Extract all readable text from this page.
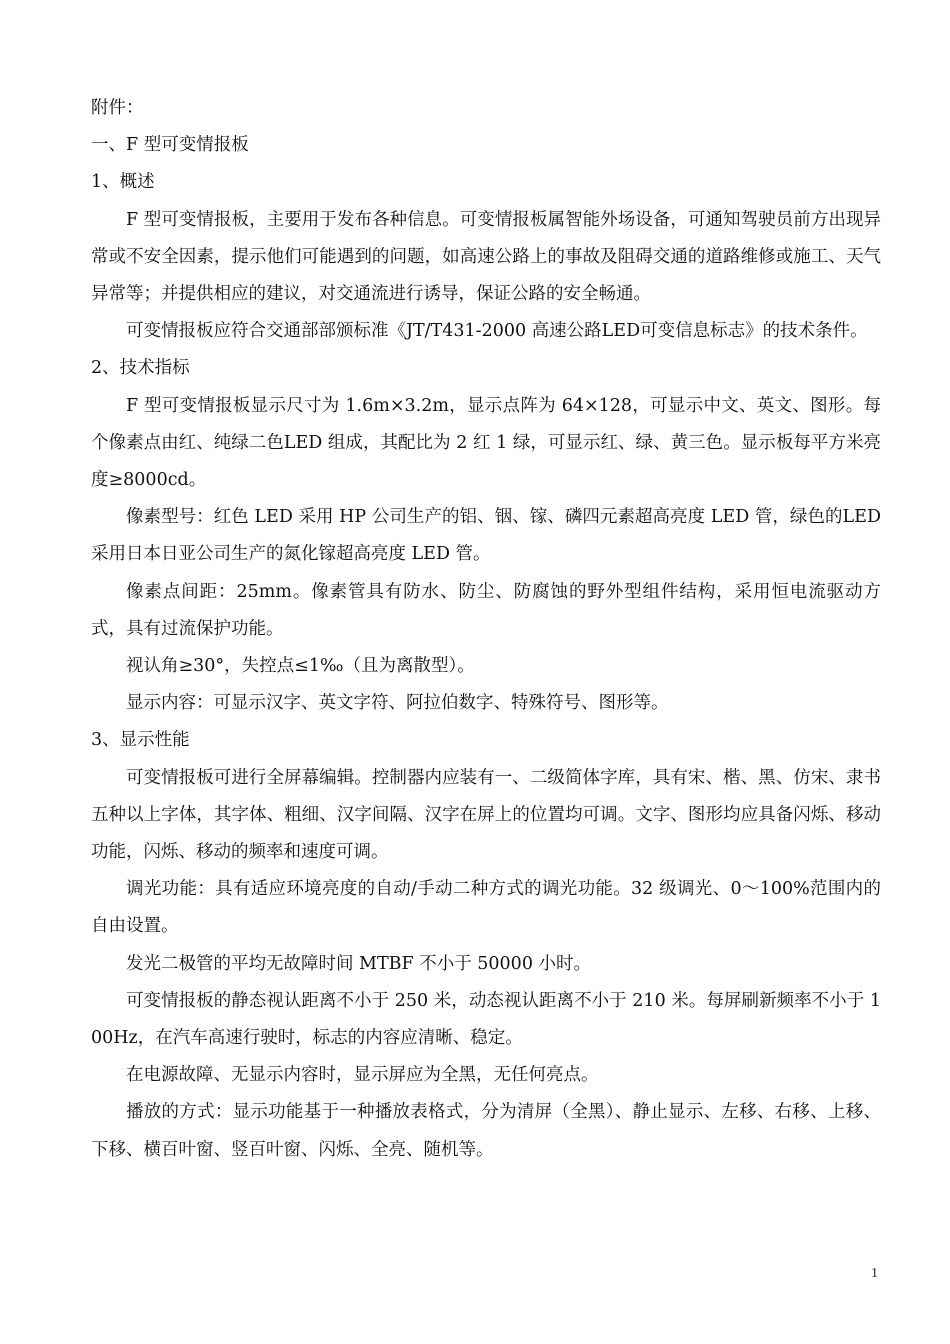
附件：

一、F 型可变情报板

1、概述

F 型可变情报板，主要用于发布各种信息。可变情报板属智能外场设备，可通知驾驶员前方出现异常或不安全因素，提示他们可能遇到的问题，如高速公路上的事故及阻碍交通的道路维修或施工、天气异常等；并提供相应的建议，对交通流进行诱导，保证公路的安全畅通。

可变情报板应符合交通部部颁标准《JT/T431-2000 高速公路LED可变信息标志》的技术条件。

2、技术指标

F 型可变情报板显示尺寸为 1.6m×3.2m，显示点阵为 64×128，可显示中文、英文、图形。每个像素点由红、纯绿二色LED 组成，其配比为 2 红 1 绿，可显示红、绿、黄三色。显示板每平方米亮度≥8000cd。

像素型号：红色 LED 采用 HP 公司生产的铝、铟、镓、磷四元素超高亮度 LED 管，绿色的LED 采用日本日亚公司生产的氮化镓超高亮度 LED 管。

像素点间距：25mm。像素管具有防水、防尘、防腐蚀的野外型组件结构，采用恒电流驱动方式，具有过流保护功能。

视认角≥30°，失控点≤1‰（且为离散型）。

显示内容：可显示汉字、英文字符、阿拉伯数字、特殊符号、图形等。

3、显示性能

可变情报板可进行全屏幕编辑。控制器内应装有一、二级简体字库，具有宋、楷、黑、仿宋、隶书五种以上字体，其字体、粗细、汉字间隔、汉字在屏上的位置均可调。文字、图形均应具备闪烁、移动功能，闪烁、移动的频率和速度可调。

调光功能：具有适应环境亮度的自动/手动二种方式的调光功能。32 级调光、0～100%范围内的自由设置。

发光二极管的平均无故障时间 MTBF 不小于 50000 小时。

可变情报板的静态视认距离不小于 250 米，动态视认距离不小于 210 米。每屏刷新频率不小于 100Hz，在汽车高速行驶时，标志的内容应清晰、稳定。

在电源故障、无显示内容时，显示屏应为全黑，无任何亮点。

播放的方式：显示功能基于一种播放表格式，分为清屏（全黑）、静止显示、左移、右移、上移、下移、横百叶窗、竖百叶窗、闪烁、全亮、随机等。

1
